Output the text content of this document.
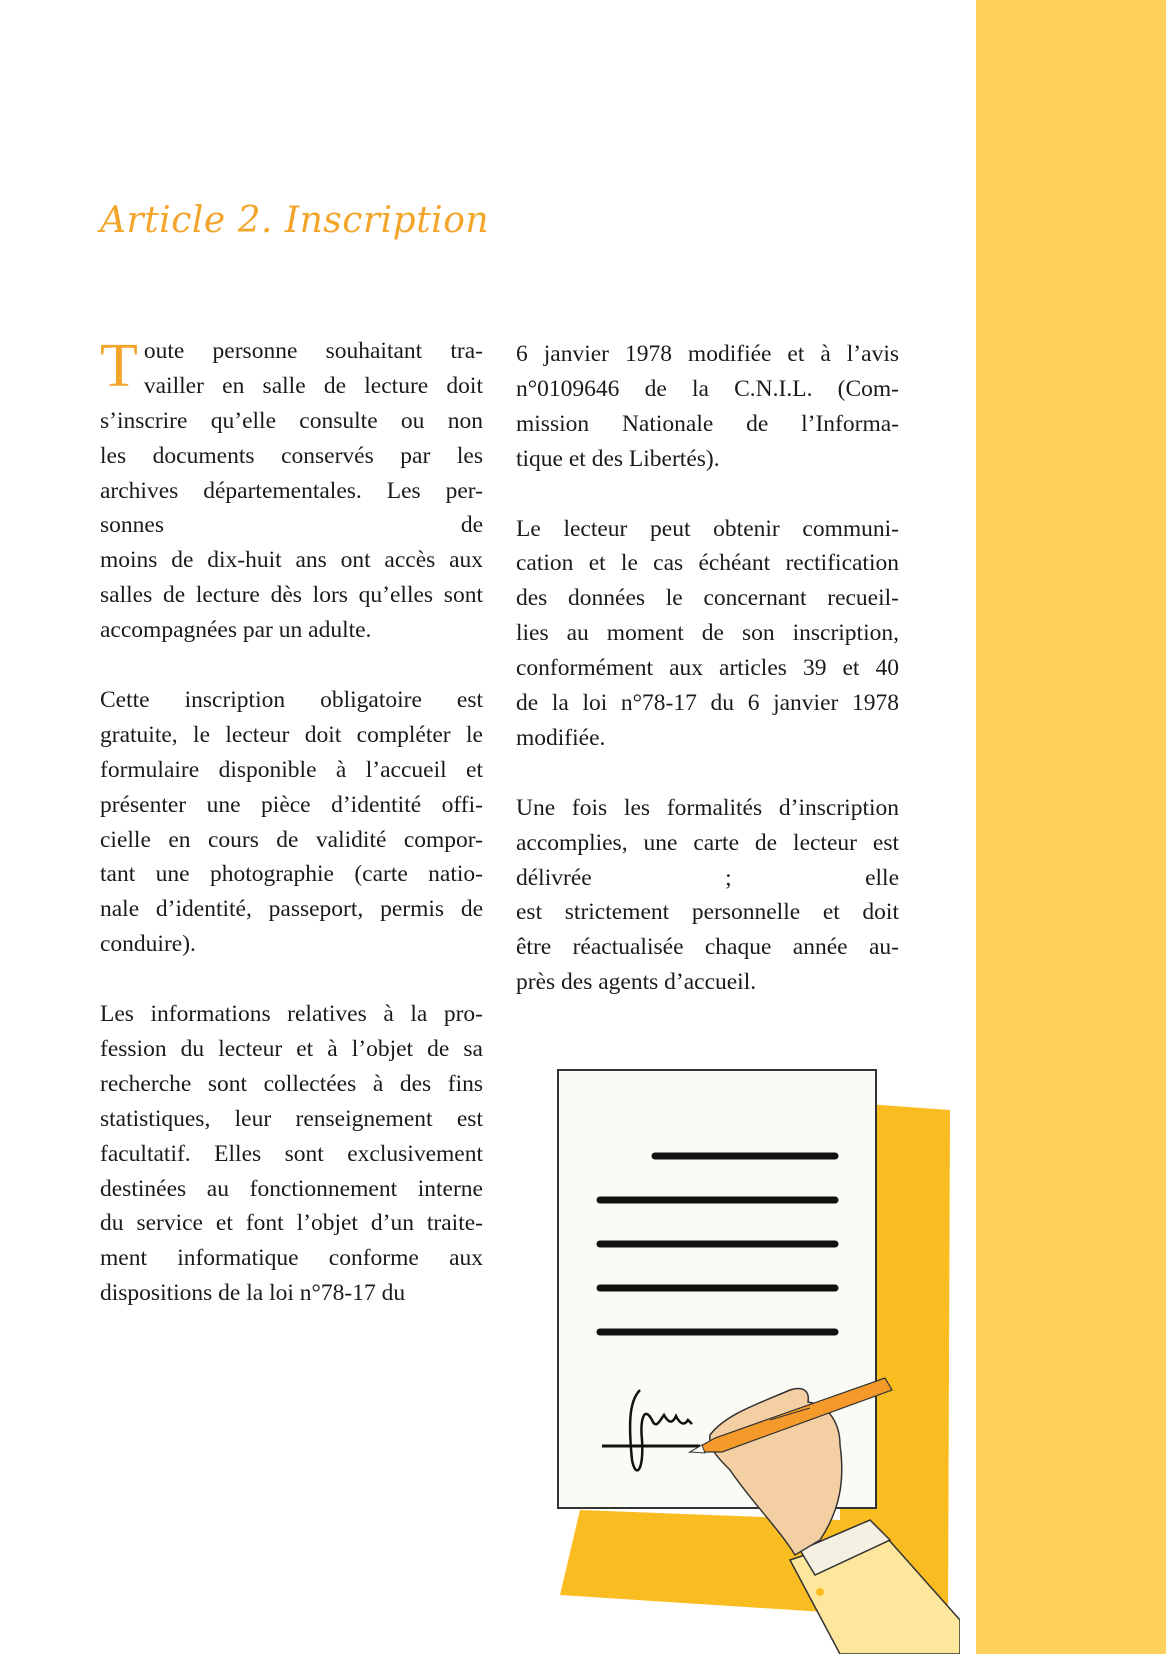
Article 2. Inscription

T oute personne souhaitant tra-
vailler en salle de lecture doit
s’inscrire qu’elle consulte ou non
les documents conservés par les
archives départementales. Les per-
sonnes de
moins de dix-huit ans ont accès aux
salles de lecture dès lors qu’elles sont
accompagnées par un adulte.

Cette inscription obligatoire est
gratuite, le lecteur doit compléter le
formulaire disponible à l’accueil et
présenter une pièce d’identité offi-
cielle en cours de validité compor-
tant une photographie (carte natio-
nale d’identité, passeport, permis de
conduire).

Les informations relatives à la pro-
fession du lecteur et à l’objet de sa
recherche sont collectées à des fins
statistiques, leur renseignement est
facultatif. Elles sont exclusivement
destinées au fonctionnement interne
du service et font l’objet d’un traite-
ment informatique conforme aux
dispositions de la loi n°78-17 du

6 janvier 1978 modifiée et à l’avis
n°0109646 de la C.N.I.L. (Com-
mission Nationale de l’Informa-
tique et des Libertés).

Le lecteur peut obtenir communi-
cation et le cas échéant rectification
des données le concernant recueil-
lies au moment de son inscription,
conformément aux articles 39 et 40
de la loi n°78-17 du 6 janvier 1978
modifiée.

Une fois les formalités d’inscription
accomplies, une carte de lecteur est
délivrée ; elle
est strictement personnelle et doit
être réactualisée chaque année au-
près des agents d’accueil.
